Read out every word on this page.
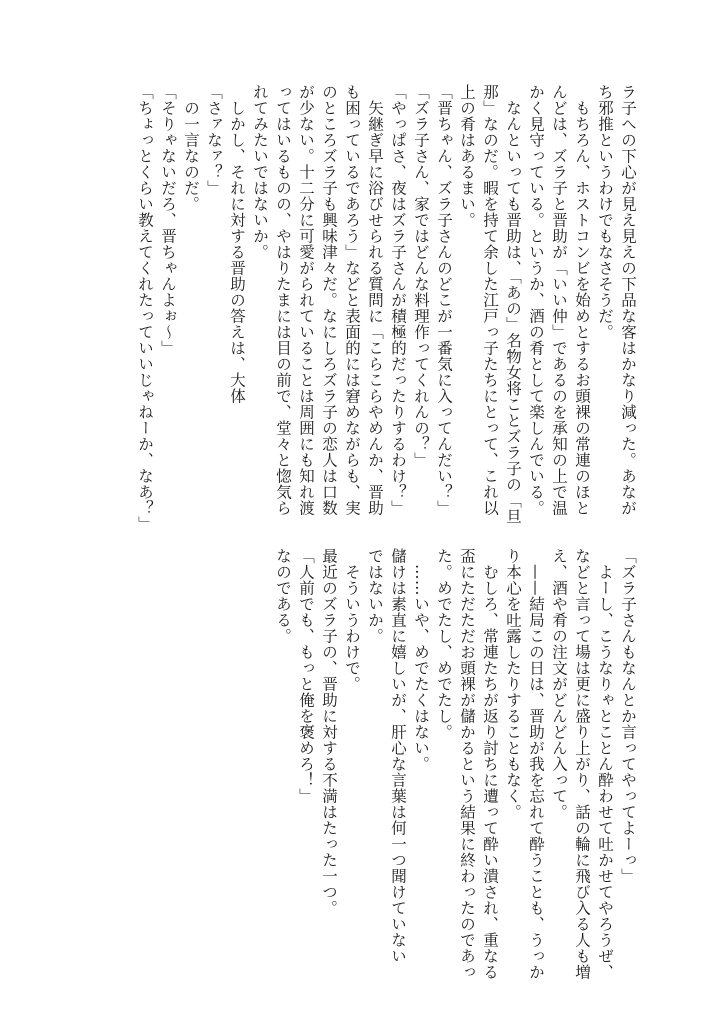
ラ子への下心が見え見えの下品な客はかなり減った。あなが
ち邪推というわけでもなさそうだ。
もちろん、ホストコンビを始めとするお頭裸の常連のほと
んどは、ズラ子と晋助が「いい仲」であるのを承知の上で温
かく見守っている。というか、酒の肴として楽しんでいる。
なんといっても晋助は、「あの」名物女将ことズラ子の「旦
那」なのだ。暇を持て余した江戸っ子たちにとって、これ以
上の肴はあるまい。
「晋ちゃん、ズラ子さんのどこが一番気に入ってんだい？」
「ズラ子さん、家ではどんな料理作ってくれんの？」
「やっぱさ、夜はズラ子さんが積極的だったりするわけ？」
矢継ぎ早に浴びせられる質問に「こらこらやめんか、晋助
も困っているであろう」などと表面的には窘めながらも、実
のところズラ子も興味津々だ。なにしろズラ子の恋人は口数
が少ない。十二分に可愛がられていることは周囲にも知れ渡
ってはいるものの、やはりたまには目の前で、堂々と惚気ら
れてみたいではないか。
しかし、それに対する晋助の答えは、大体
「さァなァ？」
の一言なのだ。
「そりゃないだろ、晋ちゃんよぉ〜」
「ちょっとくらい教えてくれたっていいじゃねーか、なあ？」
「ズラ子さんもなんとか言ってやってよーっ」
よーし、こうなりゃとことん酔わせて吐かせてやろうぜ、
などと言って場は更に盛り上がり、話の輪に飛び入る人も増
え、酒や肴の注文がどんどん入って。
——結局この日は、晋助が我を忘れて酔うことも、うっか
り本心を吐露したりすることもなく。
むしろ、常連たちが返り討ちに遭って酔い潰され、重なる
盃にただただお頭裸が儲かるという結果に終わったのであっ
た。めでたし、めでたし。
……いや、めでたくはない。
儲けは素直に嬉しいが、肝心な言葉は何一つ聞けていない
ではないか。
そういうわけで。
最近のズラ子の、晋助に対する不満はたった一つ。
「人前でも、もっと俺を褒めろ！」
なのである。
